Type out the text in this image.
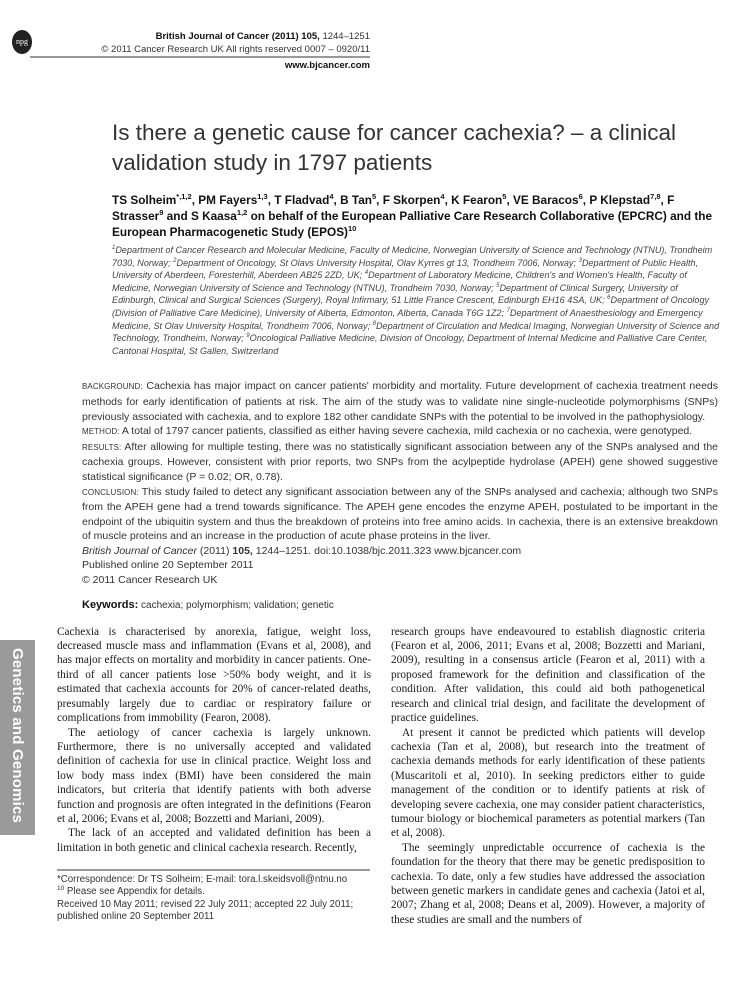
npg	British Journal of Cancer (2011) 105, 1244–1251
© 2011 Cancer Research UK All rights reserved 0007 – 0920/11
www.bjcancer.com
Genetics and Genomics
Is there a genetic cause for cancer cachexia? – a clinical validation study in 1797 patients
TS Solheim$^{*,1,2}$, PM Fayers$^{1,3}$, T Fladvad$^4$, B Tan$^5$, F Skorpen$^4$, K Fearon$^5$, VE Baracos$^6$, P Klepstad$^{7,8}$, F Strasser$^9$ and S Kaasa$^{1,2}$ on behalf of the European Palliative Care Research Collaborative (EPCRC) and the European Pharmacogenetic Study (EPOS)$^{10}$
$^1$Department of Cancer Research and Molecular Medicine, Faculty of Medicine, Norwegian University of Science and Technology (NTNU), Trondheim 7030, Norway; $^2$Department of Oncology, St Olavs University Hospital, Olav Kyrres gt 13, Trondheim 7006, Norway; $^3$Department of Public Health, University of Aberdeen, Foresterhill, Aberdeen AB25 2ZD, UK; $^4$Department of Laboratory Medicine, Children's and Women's Health, Faculty of Medicine, Norwegian University of Science and Technology (NTNU), Trondheim 7030, Norway; $^5$Department of Clinical Surgery, University of Edinburgh, Clinical and Surgical Sciences (Surgery), Royal Infirmary, 51 Little France Crescent, Edinburgh EH16 4SA, UK; $^6$Department of Oncology (Division of Palliative Care Medicine), University of Alberta, Edmonton, Alberta, Canada T6G 1Z2; $^7$Department of Anaesthesiology and Emergency Medicine, St Olav University Hospital, Trondheim 7006, Norway; $^8$Department of Circulation and Medical Imaging, Norwegian University of Science and Technology, Trondheim, Norway; $^9$Oncological Palliative Medicine, Division of Oncology, Department of Internal Medicine and Palliative Care Center, Cantonal Hospital, St Gallen, Switzerland
BACKGROUND: Cachexia has major impact on cancer patients' morbidity and mortality. Future development of cachexia treatment needs methods for early identification of patients at risk. The aim of the study was to validate nine single-nucleotide polymorphisms (SNPs) previously associated with cachexia, and to explore 182 other candidate SNPs with the potential to be involved in the pathophysiology.
METHOD: A total of 1797 cancer patients, classified as either having severe cachexia, mild cachexia or no cachexia, were genotyped.
RESULTS: After allowing for multiple testing, there was no statistically significant association between any of the SNPs analysed and the cachexia groups. However, consistent with prior reports, two SNPs from the acylpeptide hydrolase (APEH) gene showed suggestive statistical significance (P = 0.02; OR, 0.78).
CONCLUSION: This study failed to detect any significant association between any of the SNPs analysed and cachexia; although two SNPs from the APEH gene had a trend towards significance. The APEH gene encodes the enzyme APEH, postulated to be important in the endpoint of the ubiquitin system and thus the breakdown of proteins into free amino acids. In cachexia, there is an extensive breakdown of muscle proteins and an increase in the production of acute phase proteins in the liver.
British Journal of Cancer (2011) 105, 1244–1251. doi:10.1038/bjc.2011.323 www.bjcancer.com
Published online 20 September 2011
© 2011 Cancer Research UK
Keywords: cachexia; polymorphism; validation; genetic

Cachexia is characterised by anorexia, fatigue, weight loss, decreased muscle mass and inflammation (Evans et al, 2008), and has major effects on mortality and morbidity in cancer patients. One-third of all cancer patients lose >50% body weight, and it is estimated that cachexia accounts for 20% of cancer-related deaths, presumably largely due to cardiac or respiratory failure or complications from immobility (Fearon, 2008).

The aetiology of cancer cachexia is largely unknown. Furthermore, there is no universally accepted and validated definition of cachexia for use in clinical practice. Weight loss and low body mass index (BMI) have been considered the main indicators, but criteria that identify patients with both adverse function and prognosis are often integrated in the definitions (Fearon et al, 2006; Evans et al, 2008; Bozzetti and Mariani, 2009).

The lack of an accepted and validated definition has been a limitation in both genetic and clinical cachexia research. Recently,

*Correspondence: Dr TS Solheim; E-mail: tora.l.skeidsvoll@ntnu.no
$^{10}$ Please see Appendix for details.
Received 10 May 2011; revised 22 July 2011; accepted 22 July 2011; published online 20 September 2011

research groups have endeavoured to establish diagnostic criteria (Fearon et al, 2006, 2011; Evans et al, 2008; Bozzetti and Mariani, 2009), resulting in a consensus article (Fearon et al, 2011) with a proposed framework for the definition and classification of the condition. After validation, this could aid both pathogenetical research and clinical trial design, and facilitate the development of practice guidelines.

At present it cannot be predicted which patients will develop cachexia (Tan et al, 2008), but research into the treatment of cachexia demands methods for early identification of these patients (Muscaritoli et al, 2010). In seeking predictors either to guide management of the condition or to identify patients at risk of developing severe cachexia, one may consider patient characteristics, tumour biology or biochemical parameters as potential markers (Tan et al, 2008).

The seemingly unpredictable occurrence of cachexia is the foundation for the theory that there may be genetic predisposition to cachexia. To date, only a few studies have addressed the association between genetic markers in candidate genes and cachexia (Jatoi et al, 2007; Zhang et al, 2008; Deans et al, 2009). However, a majority of these studies are small and the numbers of
